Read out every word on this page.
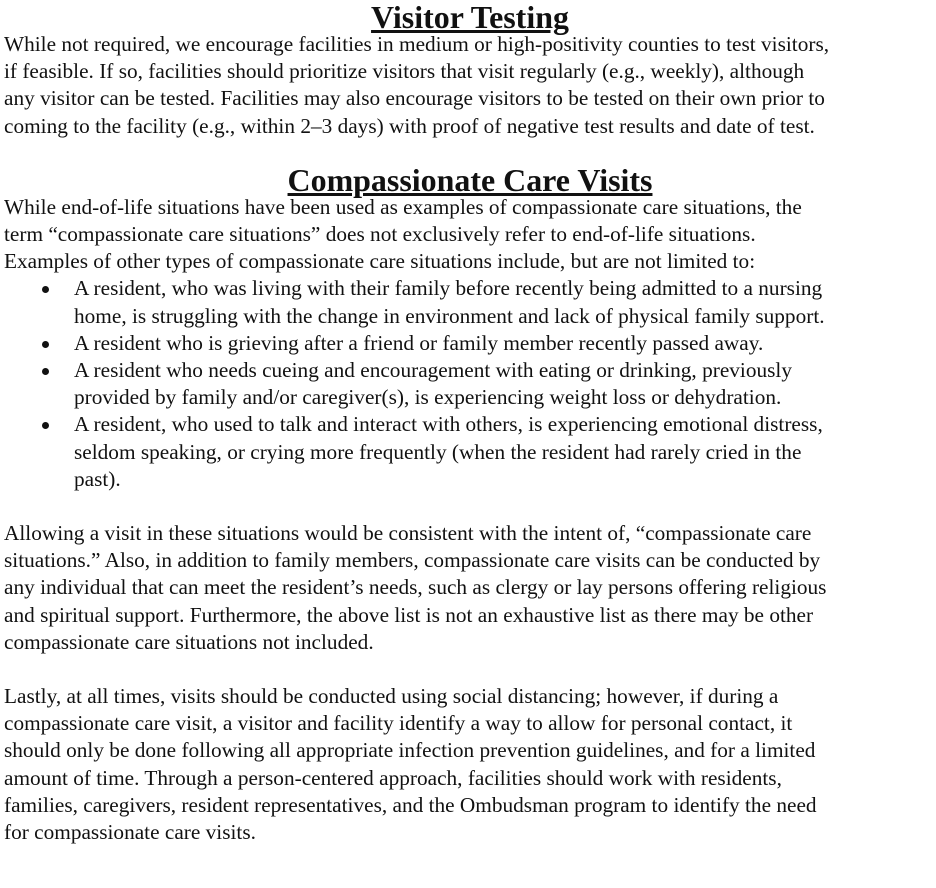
Visitor Testing

While not required, we encourage facilities in medium or high-positivity counties to test visitors,
if feasible. If so, facilities should prioritize visitors that visit regularly (e.g., weekly), although
any visitor can be tested. Facilities may also encourage visitors to be tested on their own prior to
coming to the facility (e.g., within 2–3 days) with proof of negative test results and date of test.

Compassionate Care Visits

While end-of-life situations have been used as examples of compassionate care situations, the
term “compassionate care situations” does not exclusively refer to end-of-life situations.
Examples of other types of compassionate care situations include, but are not limited to:

A resident, who was living with their family before recently being admitted to a nursing
home, is struggling with the change in environment and lack of physical family support.
A resident who is grieving after a friend or family member recently passed away.
A resident who needs cueing and encouragement with eating or drinking, previously
provided by family and/or caregiver(s), is experiencing weight loss or dehydration.
A resident, who used to talk and interact with others, is experiencing emotional distress,
seldom speaking, or crying more frequently (when the resident had rarely cried in the
past).

Allowing a visit in these situations would be consistent with the intent of, “compassionate care
situations.” Also, in addition to family members, compassionate care visits can be conducted by
any individual that can meet the resident’s needs, such as clergy or lay persons offering religious
and spiritual support. Furthermore, the above list is not an exhaustive list as there may be other
compassionate care situations not included.

Lastly, at all times, visits should be conducted using social distancing; however, if during a
compassionate care visit, a visitor and facility identify a way to allow for personal contact, it
should only be done following all appropriate infection prevention guidelines, and for a limited
amount of time. Through a person-centered approach, facilities should work with residents,
families, caregivers, resident representatives, and the Ombudsman program to identify the need
for compassionate care visits.
